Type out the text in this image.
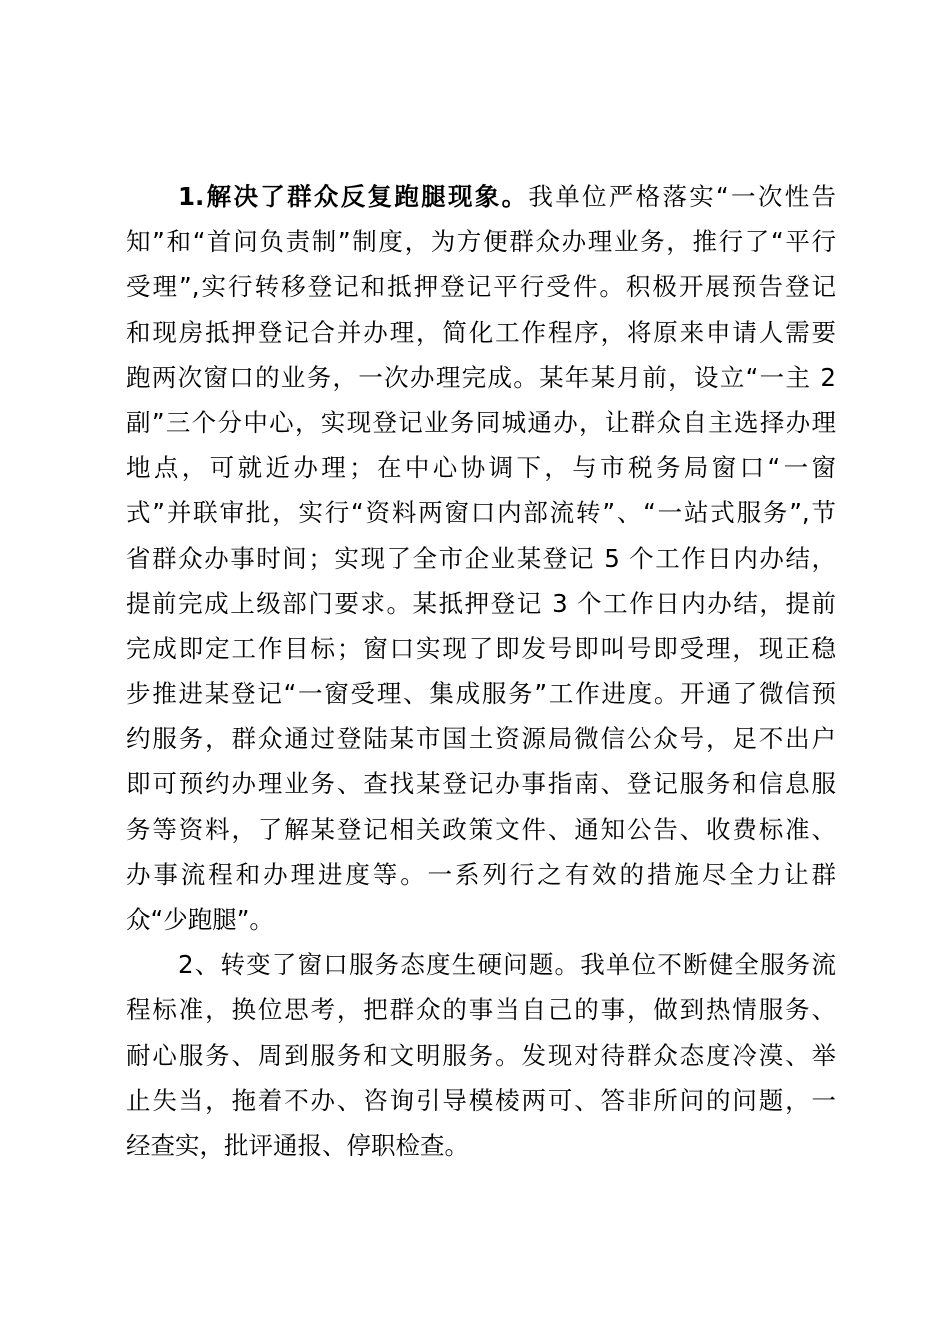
1.解决了群众反复跑腿现象。我单位严格落实“一次性告
知”和“首问负责制”制度，为方便群众办理业务，推行了“平行
受理”,实行转移登记和抵押登记平行受件。积极开展预告登记
和现房抵押登记合并办理，简化工作程序，将原来申请人需要
跑两次窗口的业务，一次办理完成。某年某月前，设立“一主 2
副”三个分中心，实现登记业务同城通办，让群众自主选择办理
地点，可就近办理；在中心协调下，与市税务局窗口“一窗
式”并联审批，实行“资料两窗口内部流转”、“一站式服务”,节
省群众办事时间；实现了全市企业某登记 5 个工作日内办结，
提前完成上级部门要求。某抵押登记 3 个工作日内办结，提前
完成即定工作目标；窗口实现了即发号即叫号即受理，现正稳
步推进某登记“一窗受理、集成服务”工作进度。开通了微信预
约服务，群众通过登陆某市国土资源局微信公众号，足不出户
即可预约办理业务、查找某登记办事指南、登记服务和信息服
务等资料，了解某登记相关政策文件、通知公告、收费标准、
办事流程和办理进度等。一系列行之有效的措施尽全力让群
众“少跑腿”。
2、转变了窗口服务态度生硬问题。我单位不断健全服务流
程标准，换位思考，把群众的事当自己的事，做到热情服务、
耐心服务、周到服务和文明服务。发现对待群众态度冷漠、举
止失当，拖着不办、咨询引导模棱两可、答非所问的问题，一
经查实，批评通报、停职检查。
